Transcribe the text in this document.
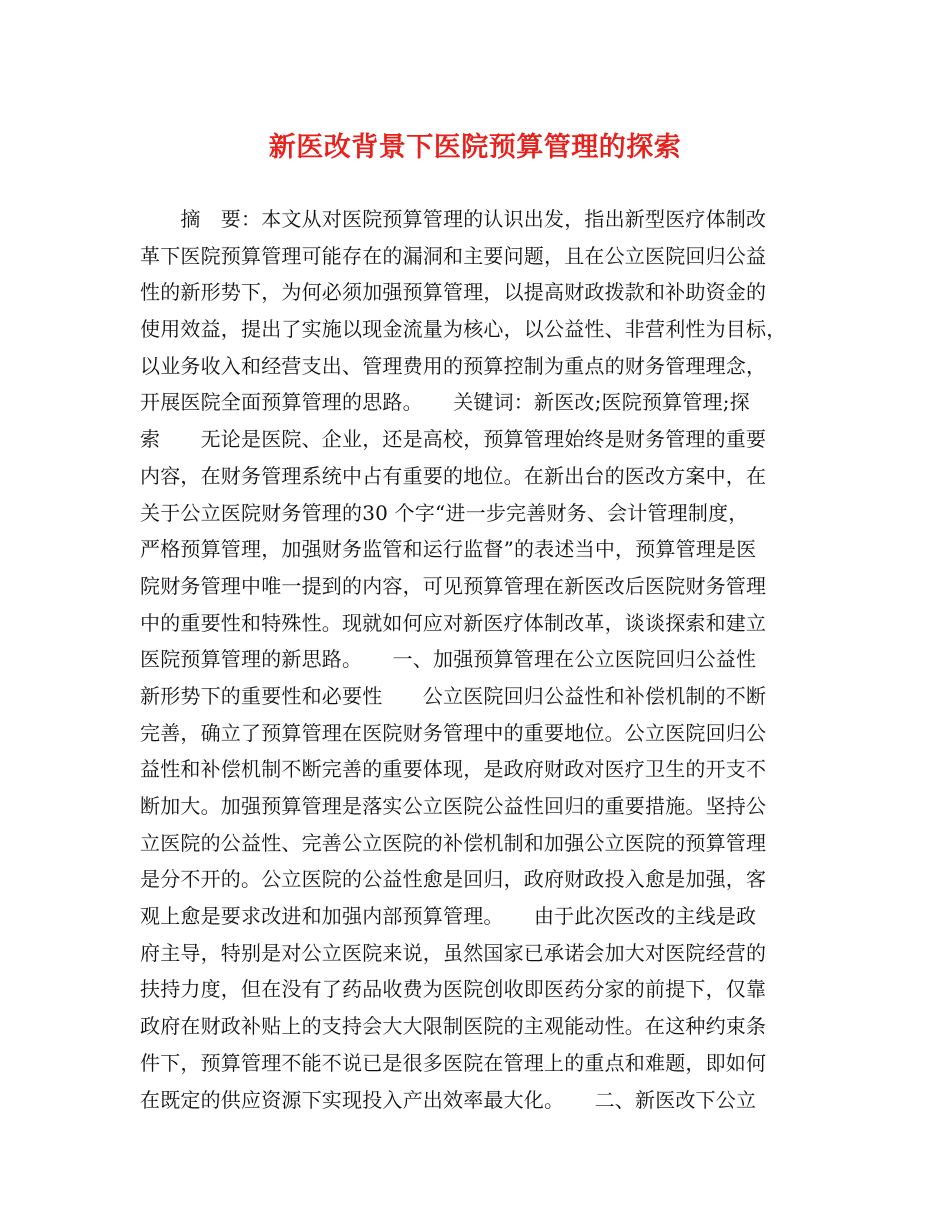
新医改背景下医院预算管理的探索
　　摘　要：本文从对医院预算管理的认识出发，指出新型医疗体制改
革下医院预算管理可能存在的漏洞和主要问题，且在公立医院回归公益
性的新形势下，为何必须加强预算管理，以提高财政拨款和补助资金的
使用效益，提出了实施以现金流量为核心，以公益性、非营利性为目标，
以业务收入和经营支出、管理费用的预算控制为重点的财务管理理念，
开展医院全面预算管理的思路。　　关键词：新医改;医院预算管理;探
索　　无论是医院、企业，还是高校，预算管理始终是财务管理的重要
内容，在财务管理系统中占有重要的地位。在新出台的医改方案中，在
关于公立医院财务管理的30 个字“进一步完善财务、会计管理制度，
严格预算管理，加强财务监管和运行监督”的表述当中，预算管理是医
院财务管理中唯一提到的内容，可见预算管理在新医改后医院财务管理
中的重要性和特殊性。现就如何应对新医疗体制改革，谈谈探索和建立
医院预算管理的新思路。　　一、加强预算管理在公立医院回归公益性
新形势下的重要性和必要性　　公立医院回归公益性和补偿机制的不断
完善，确立了预算管理在医院财务管理中的重要地位。公立医院回归公
益性和补偿机制不断完善的重要体现，是政府财政对医疗卫生的开支不
断加大。加强预算管理是落实公立医院公益性回归的重要措施。坚持公
立医院的公益性、完善公立医院的补偿机制和加强公立医院的预算管理
是分不开的。公立医院的公益性愈是回归，政府财政投入愈是加强，客
观上愈是要求改进和加强内部预算管理。　　由于此次医改的主线是政
府主导，特别是对公立医院来说，虽然国家已承诺会加大对医院经营的
扶持力度，但在没有了药品收费为医院创收即医药分家的前提下，仅靠
政府在财政补贴上的支持会大大限制医院的主观能动性。在这种约束条
件下，预算管理不能不说已是很多医院在管理上的重点和难题，即如何
在既定的供应资源下实现投入产出效率最大化。　　二、新医改下公立
